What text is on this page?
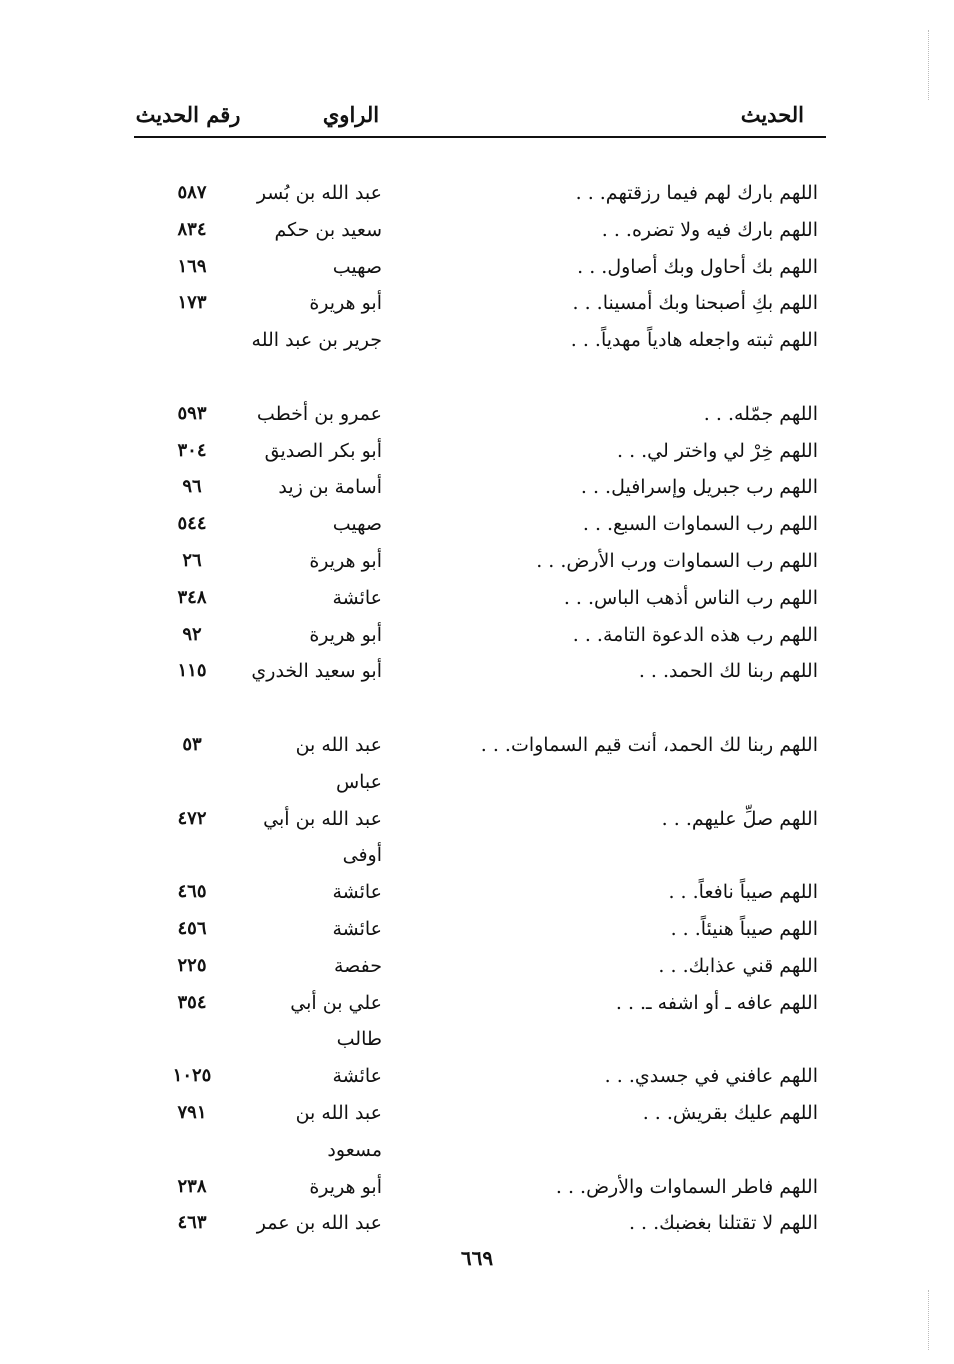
الحديث
الراوي
رقم الحديث
اللهم بارك لهم فيما رزقتهم. . .
عبد الله بن بُسر
٥٨٧
اللهم بارك فيه ولا تضره. . .
سعيد بن حكم
٨٣٤
اللهم بك أحاول وبك أصاول. . .
صهيب
١٦٩
اللهم بكِ أصبحنا وبك أمسينا. . .
أبو هريرة
١٧٣
اللهم ثبته واجعله هادياً مهدياً. . .
جرير بن عبد الله
اللهم جمّله. . .
عمرو بن أخطب
٥٩٣
اللهم خِرْ لي واختر لي. . .
أبو بكر الصديق
٣٠٤
اللهم رب جبريل وإسرافيل. . .
أسامة بن زيد
٩٦
اللهم رب السماوات السبع. . .
صهيب
٥٤٤
اللهم رب السماوات ورب الأرض. . .
أبو هريرة
٢٦
اللهم رب الناس أذهب الباس. . .
عائشة
٣٤٨
اللهم رب هذه الدعوة التامة. . .
أبو هريرة
٩٢
اللهم ربنا لك الحمد. . .
أبو سعيد الخدري
١١٥
اللهم ربنا لك الحمد، أنت قيم السماوات. . .
عبد الله بن عباس
٥٣
اللهم صلِّ عليهم. . .
عبد الله بن أبي أوفى
٤٧٢
اللهم صيباً نافعاً. . .
عائشة
٤٦٥
اللهم صيباً هنيئاً. . .
عائشة
٤٥٦
اللهم قني عذابك. . .
حفصة
٢٢٥
اللهم عافه ـ أو اشفه ـ. . .
علي بن أبي طالب
٣٥٤
اللهم عافني في جسدي. . .
عائشة
١٠٢٥
اللهم عليك بقريش. . .
عبد الله بن مسعود
٧٩١
اللهم فاطر السماوات والأرض. . .
أبو هريرة
٢٣٨
اللهم لا تقتلنا بغضبك. . .
عبد الله بن عمر
٤٦٣
٦٦٩
